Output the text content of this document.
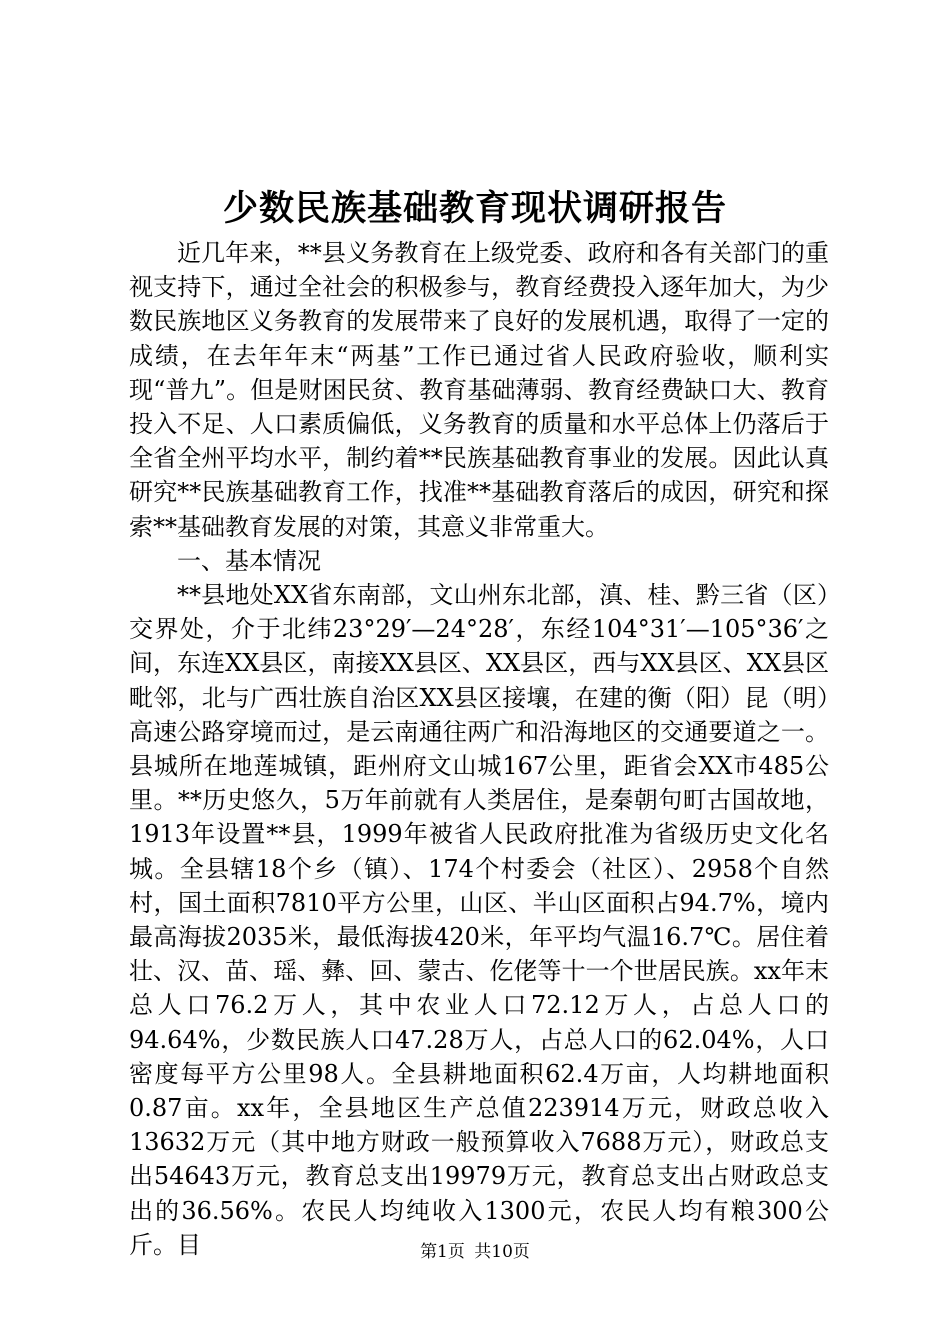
少数民族基础教育现状调研报告

近几年来，**县义务教育在上级党委、政府和各有关部门的重视支持下，通过全社会的积极参与，教育经费投入逐年加大，为少数民族地区义务教育的发展带来了良好的发展机遇，取得了一定的成绩，在去年年末“两基”工作已通过省人民政府验收，顺利实现“普九”。但是财困民贫、教育基础薄弱、教育经费缺口大、教育投入不足、人口素质偏低，义务教育的质量和水平总体上仍落后于全省全州平均水平，制约着**民族基础教育事业的发展。因此认真研究**民族基础教育工作，找准**基础教育落后的成因，研究和探索**基础教育发展的对策，其意义非常重大。

一、基本情况

**县地处XX省东南部，文山州东北部，滇、桂、黔三省（区）交界处，介于北纬23°29′—24°28′，东经104°31′—105°36′之间，东连XX县区，南接XX县区、XX县区，西与XX县区、XX县区毗邻，北与广西壮族自治区XX县区接壤，在建的衡（阳）昆（明）高速公路穿境而过，是云南通往两广和沿海地区的交通要道之一。县城所在地莲城镇，距州府文山城167公里，距省会XX市485公里。**历史悠久，5万年前就有人类居住，是秦朝句町古国故地，1913年设置**县，1999年被省人民政府批准为省级历史文化名城。全县辖18个乡（镇）、174个村委会（社区）、2958个自然村，国土面积7810平方公里，山区、半山区面积占94.7%，境内最高海拔2035米，最低海拔420米，年平均气温16.7℃。居住着壮、汉、苗、瑶、彝、回、蒙古、仡佬等十一个世居民族。xx年末总人口76.2万人，其中农业人口72.12万人，占总人口的94.64%，少数民族人口47.28万人，占总人口的62.04%，人口密度每平方公里98人。全县耕地面积62.4万亩，人均耕地面积0.87亩。xx年，全县地区生产总值223914万元，财政总收入13632万元（其中地方财政一般预算收入7688万元），财政总支出54643万元，教育总支出19979万元，教育总支出占财政总支出的36.56%。农民人均纯收入1300元，农民人均有粮300公斤。目	第1页 共10页
